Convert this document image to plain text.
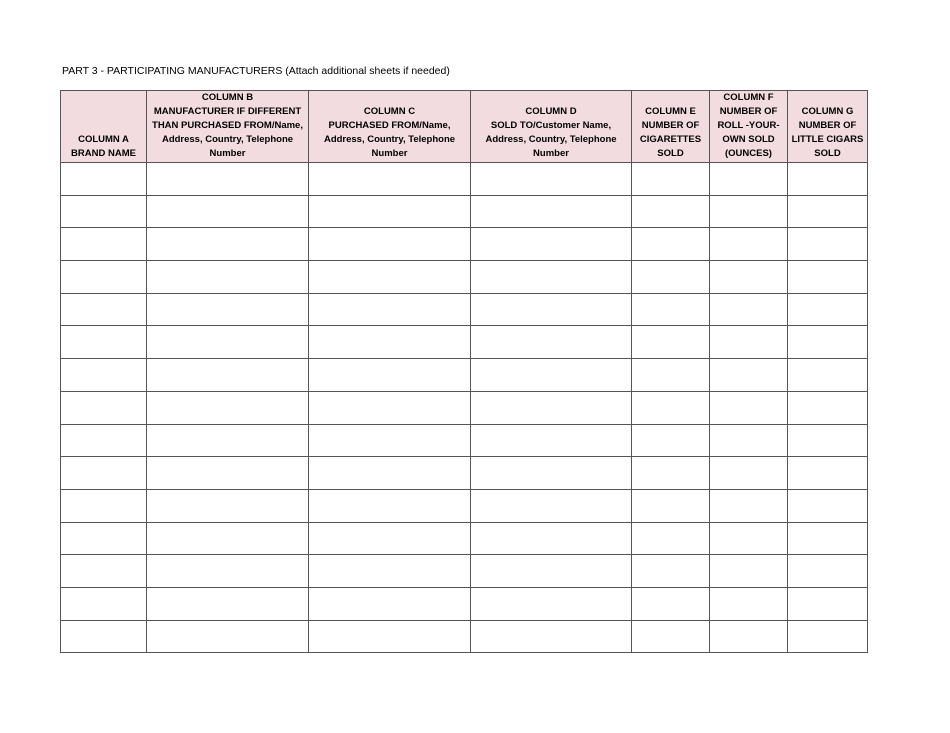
PART 3 - PARTICIPATING MANUFACTURERS (Attach additional sheets if needed)
COLUMN A
BRAND NAME	COLUMN B
MANUFACTURER IF DIFFERENT
THAN PURCHASED FROM/Name,
Address, Country, Telephone
Number	COLUMN C
PURCHASED FROM/Name,
Address, Country, Telephone
Number	COLUMN D
SOLD TO/Customer Name,
Address, Country, Telephone
Number	COLUMN E
NUMBER OF
CIGARETTES
SOLD	COLUMN F
NUMBER OF
ROLL -YOUR-
OWN SOLD
(OUNCES)	COLUMN G
NUMBER OF
LITTLE CIGARS
SOLD
